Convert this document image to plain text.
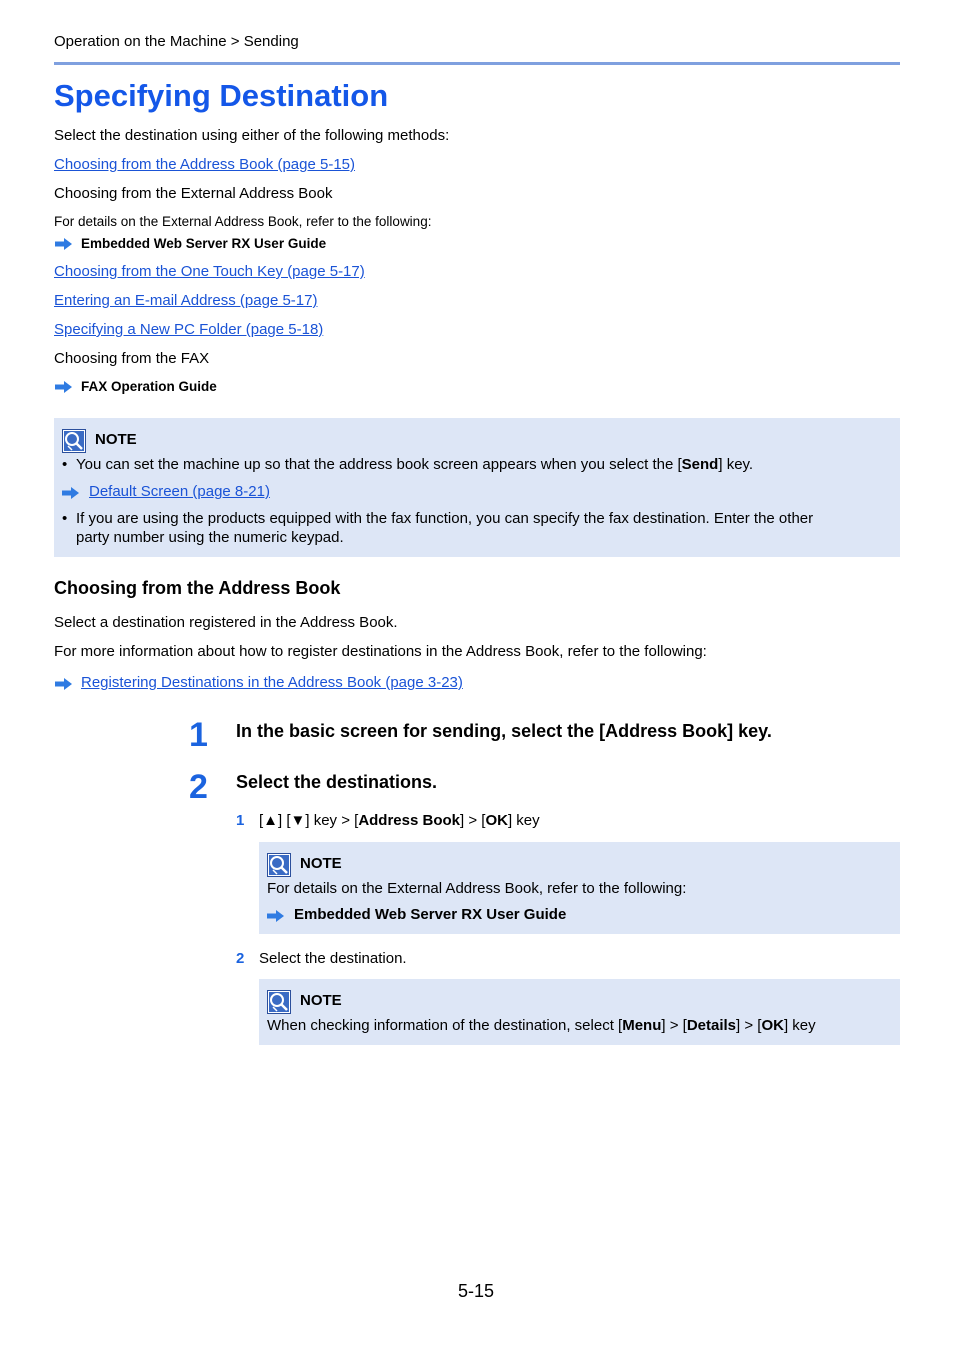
Operation on the Machine > Sending
Specifying Destination
Select the destination using either of the following methods:
Choosing from the Address Book (page 5-15)
Choosing from the External Address Book
For details on the External Address Book, refer to the following:
Embedded Web Server RX User Guide
Choosing from the One Touch Key (page 5-17)
Entering an E-mail Address (page 5-17)
Specifying a New PC Folder (page 5-18)
Choosing from the FAX
FAX Operation Guide
NOTE
• You can set the machine up so that the address book screen appears when you select the [Send] key.
Default Screen (page 8-21)
• If you are using the products equipped with the fax function, you can specify the fax destination. Enter the other
party number using the numeric keypad.
Choosing from the Address Book
Select a destination registered in the Address Book.
For more information about how to register destinations in the Address Book, refer to the following:
Registering Destinations in the Address Book (page 3-23)
1 In the basic screen for sending, select the [Address Book] key.
2 Select the destinations.
1 [▲] [▼] key > [Address Book] > [OK] key
NOTE
For details on the External Address Book, refer to the following:
Embedded Web Server RX User Guide
2 Select the destination.
NOTE
When checking information of the destination, select [Menu] > [Details] > [OK] key
5-15
